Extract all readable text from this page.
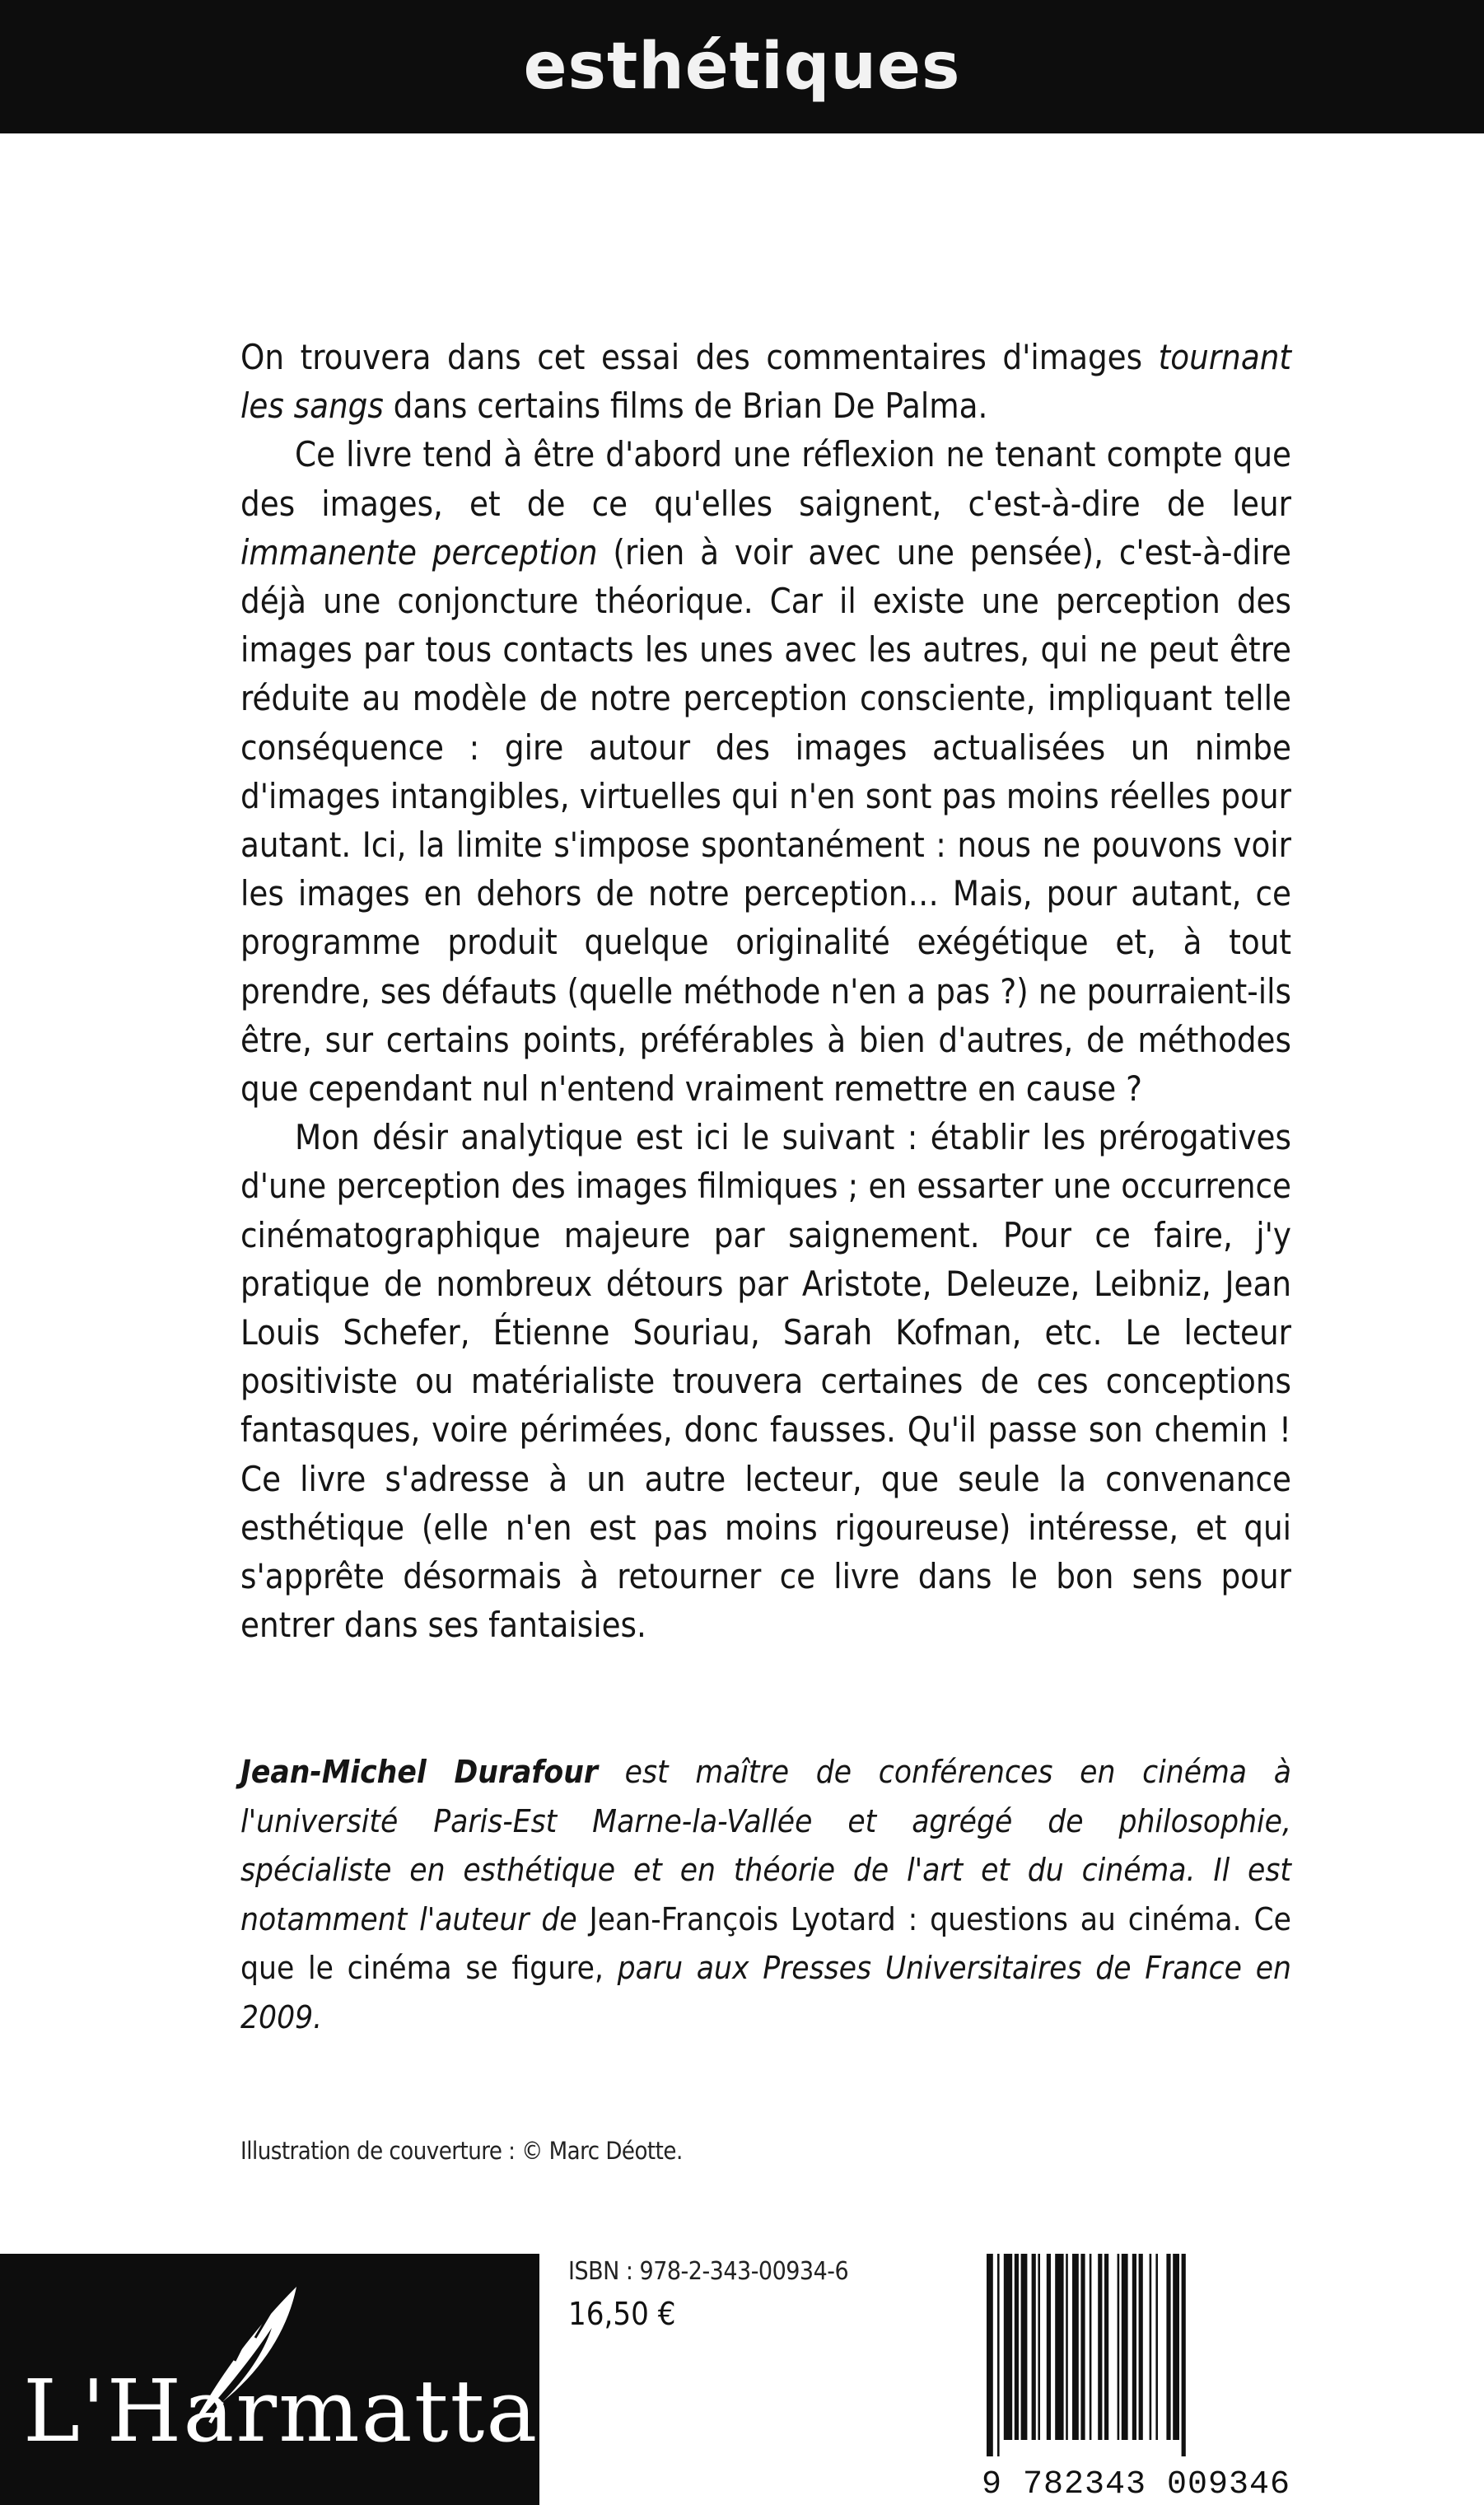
esthétiques

On trouvera dans cet essai des commentaires d'images tournant les sangs dans certains films de Brian De Palma.

Ce livre tend à être d'abord une réflexion ne tenant compte que des images, et de ce qu'elles saignent, c'est-à-dire de leur immanente perception (rien à voir avec une pensée), c'est-à-dire déjà une conjoncture théorique. Car il existe une perception des images par tous contacts les unes avec les autres, qui ne peut être réduite au modèle de notre perception consciente, impliquant telle conséquence : gire autour des images actualisées un nimbe d'images intangibles, virtuelles qui n'en sont pas moins réelles pour autant. Ici, la limite s'impose spontanément : nous ne pouvons voir les images en dehors de notre perception… Mais, pour autant, ce programme produit quelque originalité exégétique et, à tout prendre, ses défauts (quelle méthode n'en a pas ?) ne pourraient-ils être, sur certains points, préférables à bien d'autres, de méthodes que cependant nul n'entend vraiment remettre en cause ?

Mon désir analytique est ici le suivant : établir les prérogatives d'une perception des images filmiques ; en essarter une occurrence cinématographique majeure par saignement. Pour ce faire, j'y pratique de nombreux détours par Aristote, Deleuze, Leibniz, Jean Louis Schefer, Étienne Souriau, Sarah Kofman, etc. Le lecteur positiviste ou matérialiste trouvera certaines de ces conceptions fantasques, voire périmées, donc fausses. Qu'il passe son chemin ! Ce livre s'adresse à un autre lecteur, que seule la convenance esthétique (elle n'en est pas moins rigoureuse) intéresse, et qui s'apprête désormais à retourner ce livre dans le bon sens pour entrer dans ses fantaisies.

Jean-Michel Durafour est maître de conférences en cinéma à l'université Paris-Est Marne-la-Vallée et agrégé de philosophie, spécialiste en esthétique et en théorie de l'art et du cinéma. Il est notamment l'auteur de Jean-François Lyotard : questions au cinéma. Ce que le cinéma se figure, paru aux Presses Universitaires de France en 2009.

Illustration de couverture : © Marc Déotte.
L'Harmattan
ISBN : 978-2-343-00934-6
16,50 €
9 782343 009346
